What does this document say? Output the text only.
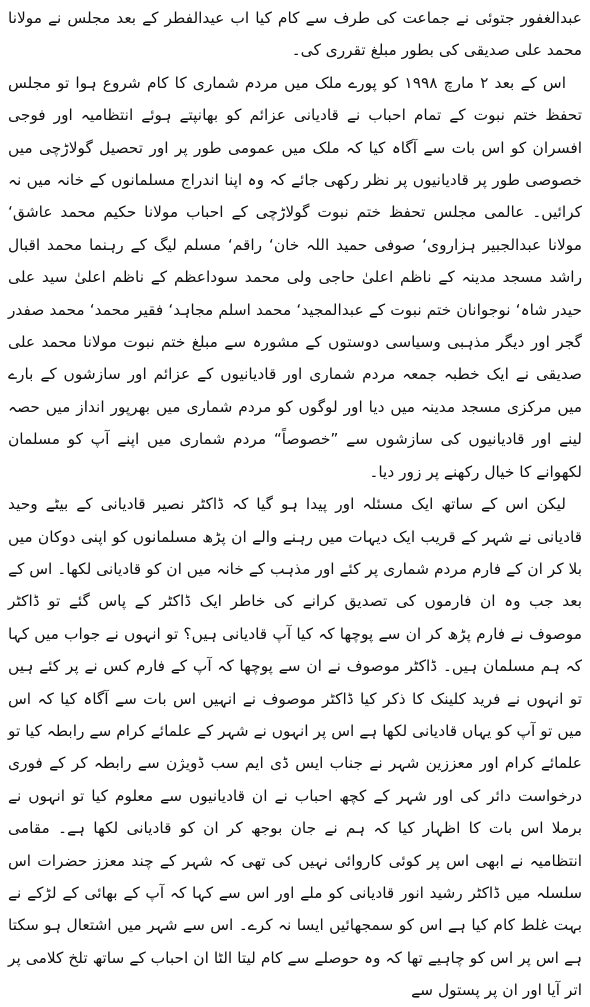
عبدالغفور جتوئی نے جماعت کی طرف سے کام کیا اب عیدالفطر کے بعد مجلس نے مولانا محمد علی صدیقی کی بطور مبلغ تقرری کی۔

اس کے بعد ۲ مارچ ۱۹۹۸ کو پورے ملک میں مردم شماری کا کام شروع ہوا تو مجلس تحفظ ختم نبوت کے تمام احباب نے قادیانی عزائم کو بھانپتے ہوئے انتظامیہ اور فوجی افسران کو اس بات سے آگاہ کیا کہ ملک میں عمومی طور پر اور تحصیل گولاڑچی میں خصوصی طور پر قادیانیوں پر نظر رکھی جائے کہ وہ اپنا اندراج مسلمانوں کے خانہ میں نہ کرائیں۔ عالمی مجلس تحفظ ختم نبوت گولاڑچی کے احباب مولانا حکیم محمد عاشق‘ مولانا عبدالجبیر ہزاروی‘ صوفی حمید اللہ خان‘ راقم‘ مسلم لیگ کے رہنما محمد اقبال راشد مسجد مدینہ کے ناظم اعلیٰ حاجی ولی محمد سوداعظم کے ناظم اعلیٰ سید علی حیدر شاہ‘ نوجوانان ختم نبوت کے عبدالمجید‘ محمد اسلم مجاہد‘ فقیر محمد‘ محمد صفدر گجر اور دیگر مذہبی وسیاسی دوستوں کے مشورہ سے مبلغ ختم نبوت مولانا محمد علی صدیقی نے ایک خطبہ جمعہ مردم شماری اور قادیانیوں کے عزائم اور سازشوں کے بارے میں مرکزی مسجد مدینہ میں دیا اور لوگوں کو مردم شماری میں بھرپور انداز میں حصہ لینے اور قادیانیوں کی سازشوں سے ”خصوصاً“ مردم شماری میں اپنے آپ کو مسلمان لکھوانے کا خیال رکھنے پر زور دیا۔

لیکن اس کے ساتھ ایک مسئلہ اور پیدا ہو گیا کہ ڈاکٹر نصیر قادیانی کے بیٹے وحید قادیانی نے شہر کے قریب ایک دیہات میں رہنے والے ان پڑھ مسلمانوں کو اپنی دوکان میں بلا کر ان کے فارم مردم شماری پر کئے اور مذہب کے خانہ میں ان کو قادیانی لکھا۔ اس کے بعد جب وہ ان فارموں کی تصدیق کرانے کی خاطر ایک ڈاکٹر کے پاس گئے تو ڈاکٹر موصوف نے فارم پڑھ کر ان سے پوچھا کہ کیا آپ قادیانی ہیں؟ تو انہوں نے جواب میں کہا کہ ہم مسلمان ہیں۔ ڈاکٹر موصوف نے ان سے پوچھا کہ آپ کے فارم کس نے پر کئے ہیں تو انہوں نے فرید کلینک کا ذکر کیا ڈاکٹر موصوف نے انہیں اس بات سے آگاہ کیا کہ اس میں تو آپ کو یہاں قادیانی لکھا ہے اس پر انہوں نے شہر کے علمائے کرام سے رابطہ کیا تو علمائے کرام اور معززین شہر نے جناب ایس ڈی ایم سب ڈویژن سے رابطہ کر کے فوری درخواست دائر کی اور شہر کے کچھ احباب نے ان قادیانیوں سے معلوم کیا تو انہوں نے برملا اس بات کا اظہار کیا کہ ہم نے جان بوجھ کر ان کو قادیانی لکھا ہے۔ مقامی انتظامیہ نے ابھی اس پر کوئی کاروائی نہیں کی تھی کہ شہر کے چند معزز حضرات اس سلسلہ میں ڈاکٹر رشید انور قادیانی کو ملے اور اس سے کہا کہ آپ کے بھائی کے لڑکے نے بہت غلط کام کیا ہے اس کو سمجھائیں ایسا نہ کرے۔ اس سے شہر میں اشتعال ہو سکتا ہے اس پر اس کو چاہیے تھا کہ وہ حوصلے سے کام لیتا الٹا ان احباب کے ساتھ تلخ کلامی پر اتر آیا اور ان پر پستول سے
